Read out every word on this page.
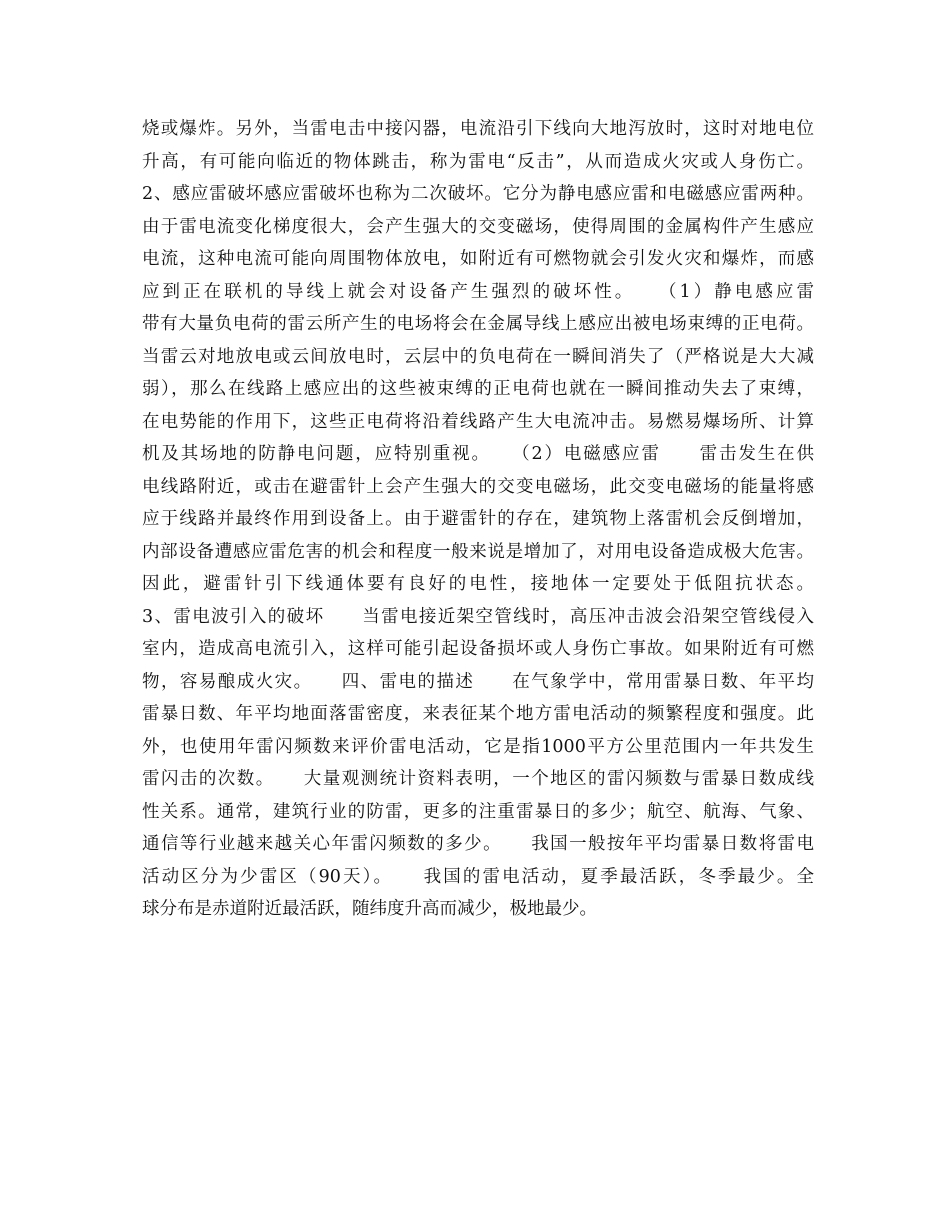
烧或爆炸。另外，当雷电击中接闪器，电流沿引下线向大地泻放时，这时对地电位
升高，有可能向临近的物体跳击，称为雷电“反击”，从而造成火灾或人身伤亡。
2、感应雷破坏感应雷破坏也称为二次破坏。它分为静电感应雷和电磁感应雷两种。
由于雷电流变化梯度很大，会产生强大的交变磁场，使得周围的金属构件产生感应
电流，这种电流可能向周围物体放电，如附近有可燃物就会引发火灾和爆炸，而感
应到正在联机的导线上就会对设备产生强烈的破坏性。　　（1）静电感应雷
带有大量负电荷的雷云所产生的电场将会在金属导线上感应出被电场束缚的正电荷。
当雷云对地放电或云间放电时，云层中的负电荷在一瞬间消失了（严格说是大大减
弱），那么在线路上感应出的这些被束缚的正电荷也就在一瞬间推动失去了束缚，
在电势能的作用下，这些正电荷将沿着线路产生大电流冲击。易燃易爆场所、计算
机及其场地的防静电问题，应特别重视。　　（2）电磁感应雷　　雷击发生在供
电线路附近，或击在避雷针上会产生强大的交变电磁场，此交变电磁场的能量将感
应于线路并最终作用到设备上。由于避雷针的存在，建筑物上落雷机会反倒增加，
内部设备遭感应雷危害的机会和程度一般来说是增加了，对用电设备造成极大危害。
因此，避雷针引下线通体要有良好的电性，接地体一定要处于低阻抗状态。
3、雷电波引入的破坏　　当雷电接近架空管线时，高压冲击波会沿架空管线侵入
室内，造成高电流引入，这样可能引起设备损坏或人身伤亡事故。如果附近有可燃
物，容易酿成火灾。　　四、雷电的描述　　在气象学中，常用雷暴日数、年平均
雷暴日数、年平均地面落雷密度，来表征某个地方雷电活动的频繁程度和强度。此
外，也使用年雷闪频数来评价雷电活动，它是指1000平方公里范围内一年共发生
雷闪击的次数。　　大量观测统计资料表明，一个地区的雷闪频数与雷暴日数成线
性关系。通常，建筑行业的防雷，更多的注重雷暴日的多少；航空、航海、气象、
通信等行业越来越关心年雷闪频数的多少。　　我国一般按年平均雷暴日数将雷电
活动区分为少雷区（90天）。　　我国的雷电活动，夏季最活跃，冬季最少。全
球分布是赤道附近最活跃，随纬度升高而减少，极地最少。
